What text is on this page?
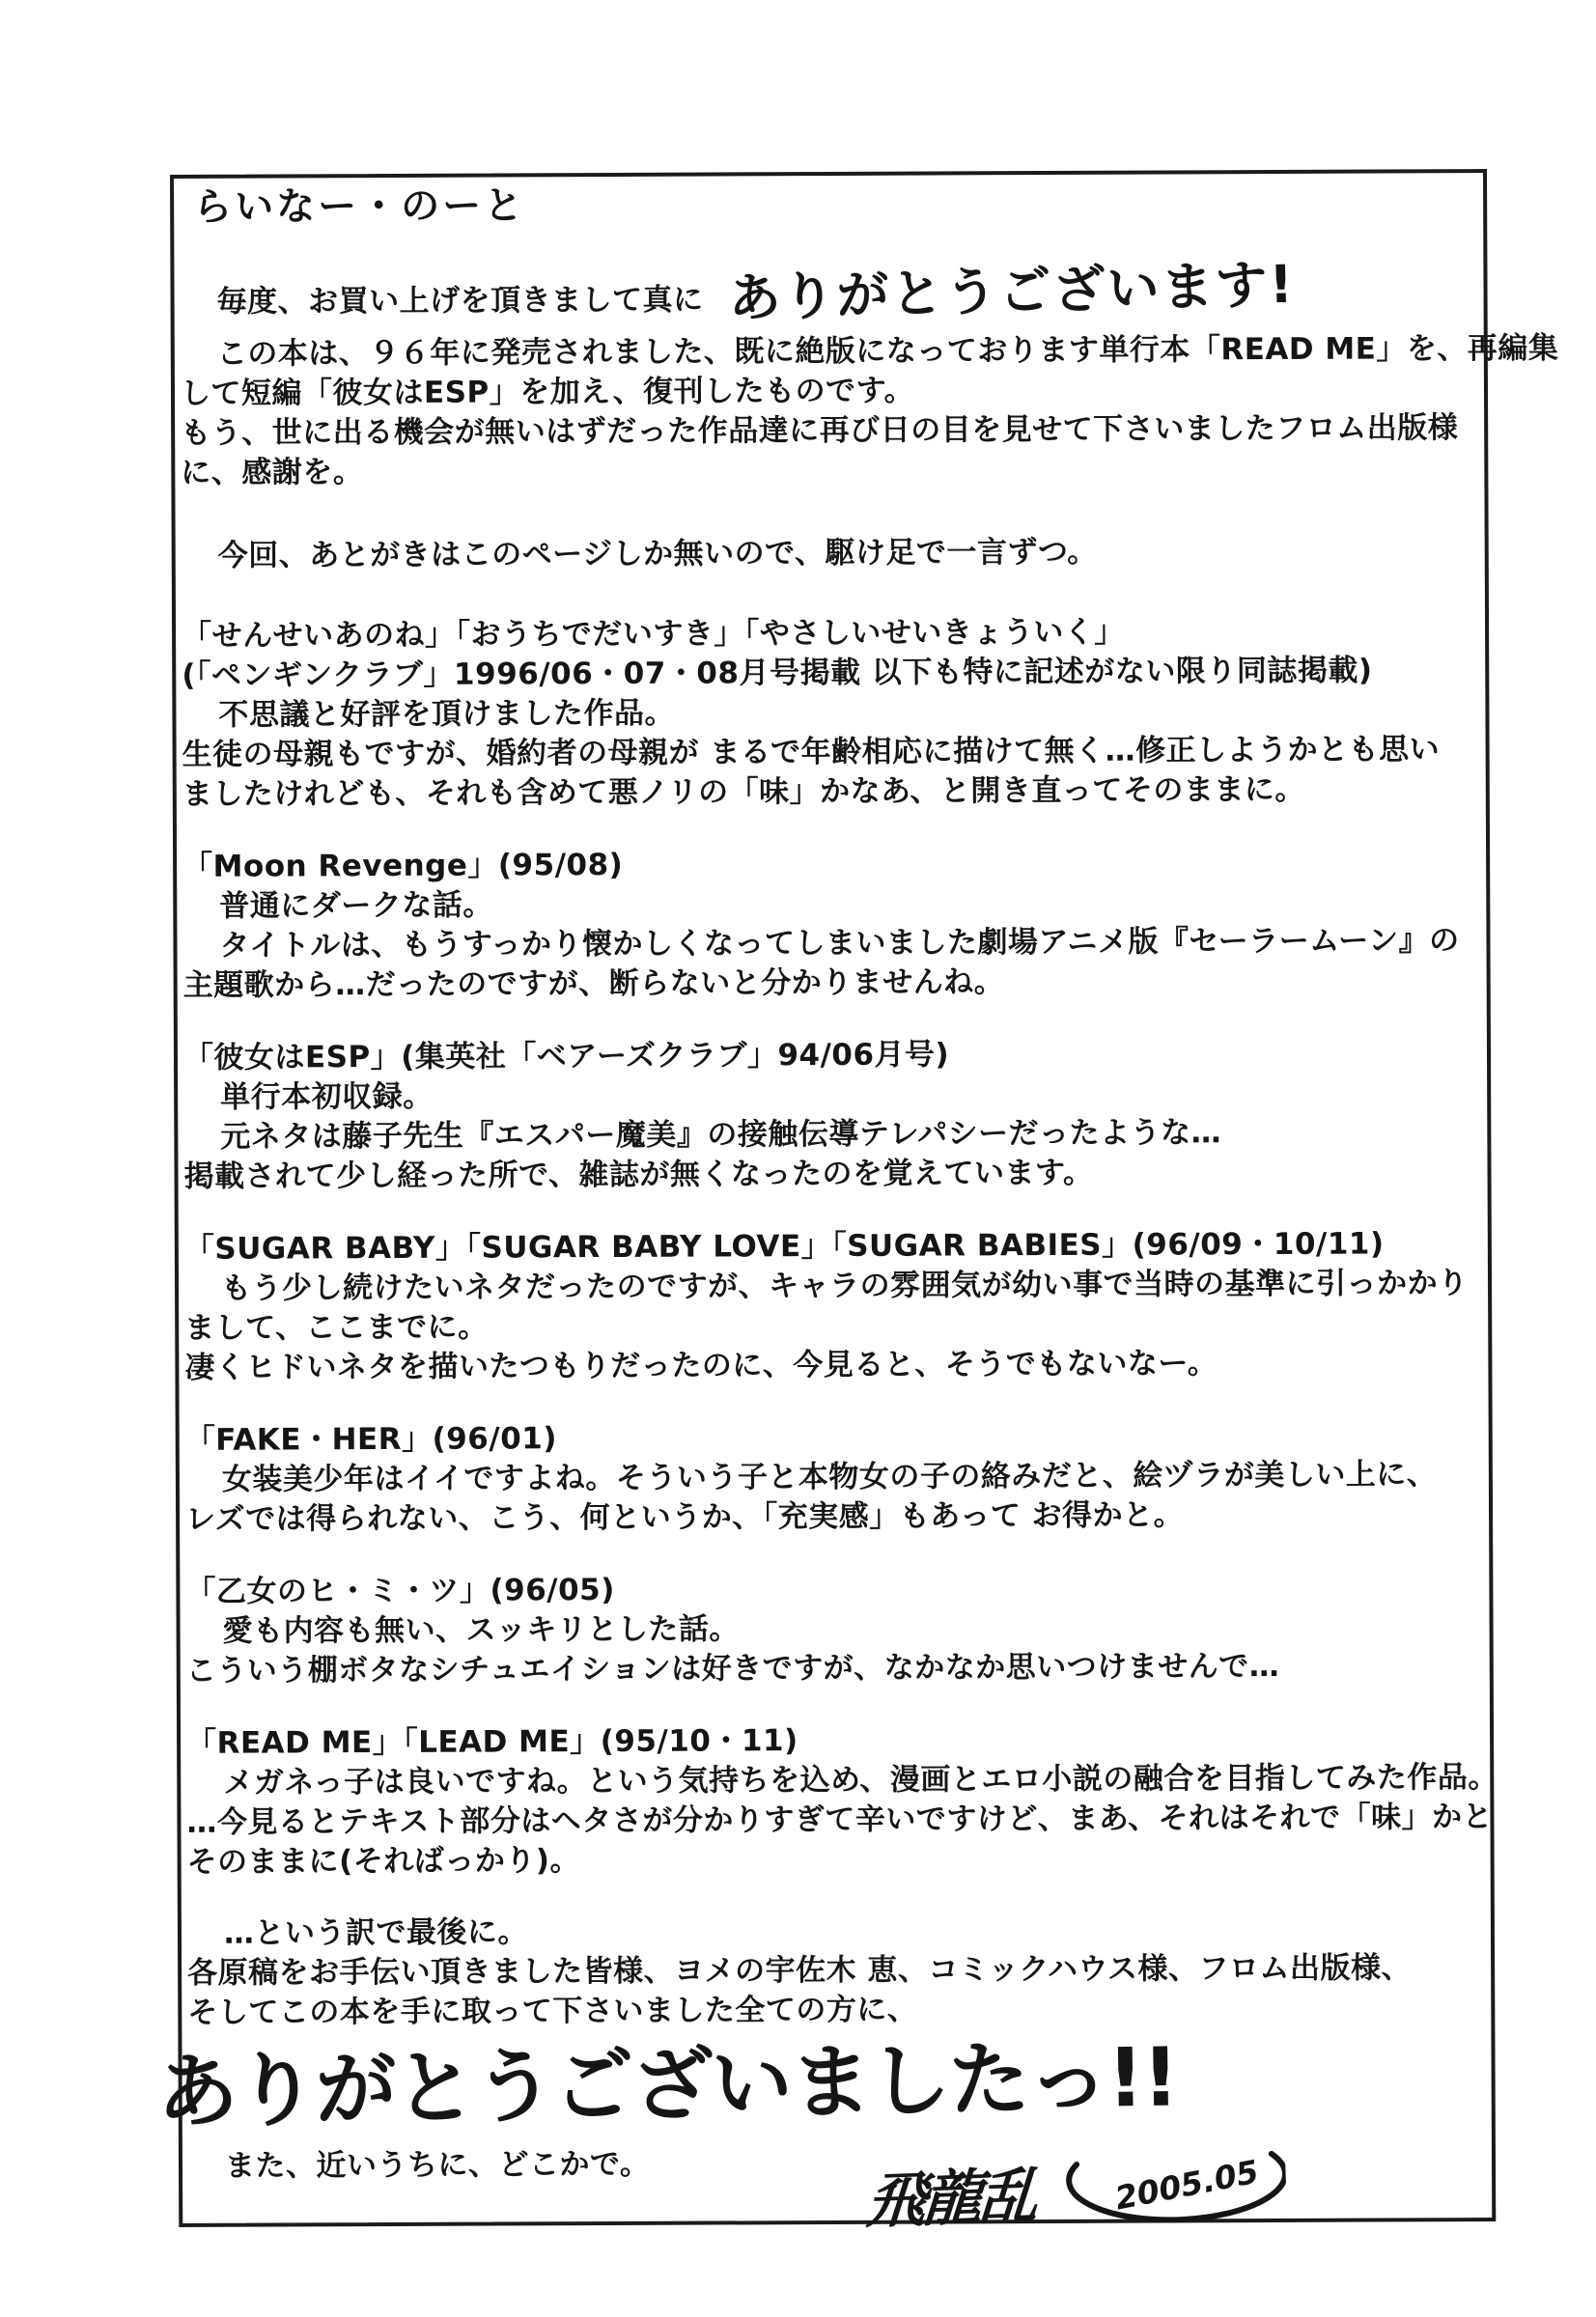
らいなー・のーと
毎度、お買い上げを頂きまして真に ありがとうございます!
この本は、９６年に発売されました、既に絶版になっております単行本「READ ME」を、再編集
して短編「彼女はESP」を加え、復刊したものです。
もう、世に出る機会が無いはずだった作品達に再び日の目を見せて下さいましたフロム出版様
に、感謝を。
今回、あとがきはこのページしか無いので、駆け足で一言ずつ。
「せんせいあのね」「おうちでだいすき」「やさしいせいきょういく」
(「ペンギンクラブ」1996/06・07・08月号掲載 以下も特に記述がない限り同誌掲載)
不思議と好評を頂けました作品。
生徒の母親もですが、婚約者の母親が まるで年齢相応に描けて無く…修正しようかとも思い
ましたけれども、それも含めて悪ノリの「味」かなあ、と開き直ってそのままに。
「Moon Revenge」(95/08)
普通にダークな話。
タイトルは、もうすっかり懐かしくなってしまいました劇場アニメ版『セーラームーン』の
主題歌から…だったのですが、断らないと分かりませんね。
「彼女はESP」(集英社「ベアーズクラブ」94/06月号)
単行本初収録。
元ネタは藤子先生『エスパー魔美』の接触伝導テレパシーだったような…
掲載されて少し経った所で、雑誌が無くなったのを覚えています。
「SUGAR BABY」「SUGAR BABY LOVE」「SUGAR BABIES」(96/09・10/11)
もう少し続けたいネタだったのですが、キャラの雰囲気が幼い事で当時の基準に引っかかり
まして、ここまでに。
凄くヒドいネタを描いたつもりだったのに、今見ると、そうでもないなー。
「FAKE・HER」(96/01)
女装美少年はイイですよね。そういう子と本物女の子の絡みだと、絵ヅラが美しい上に、
レズでは得られない、こう、何というか、「充実感」もあって お得かと。
「乙女のヒ・ミ・ツ」(96/05)
愛も内容も無い、スッキリとした話。
こういう棚ボタなシチュエイションは好きですが、なかなか思いつけませんで…
「READ ME」「LEAD ME」(95/10・11)
メガネっ子は良いですね。という気持ちを込め、漫画とエロ小説の融合を目指してみた作品。
…今見るとテキスト部分はヘタさが分かりすぎて辛いですけど、まあ、それはそれで「味」かと
そのままに(そればっかり)。
…という訳で最後に。
各原稿をお手伝い頂きました皆様、ヨメの宇佐木 恵、コミックハウス様、フロム出版様、
そしてこの本を手に取って下さいました全ての方に、
ありがとうございましたっ!!
また、近いうちに、どこかで。	飛龍乱 2005.05
